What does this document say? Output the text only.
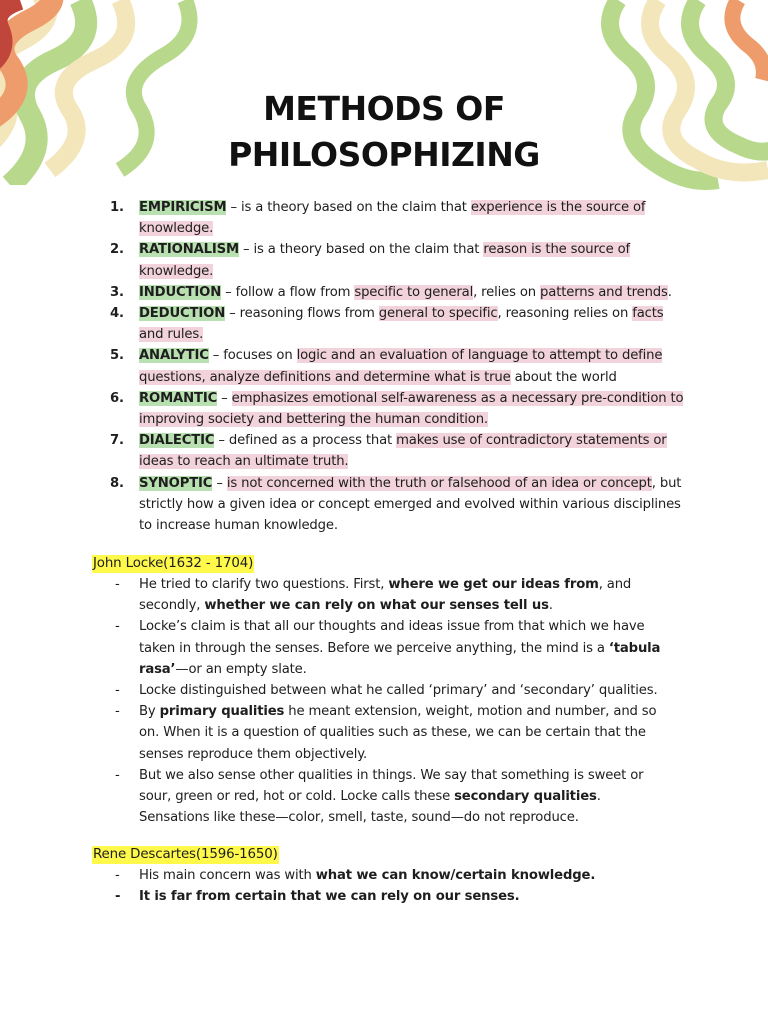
METHODS OF
PHILOSOPHIZING
1. EMPIRICISM – is a theory based on the claim that experience is the source of knowledge.
2. RATIONALISM – is a theory based on the claim that reason is the source of knowledge.
3. INDUCTION – follow a flow from specific to general, relies on patterns and trends.
4. DEDUCTION – reasoning flows from general to specific, reasoning relies on facts and rules.
5. ANALYTIC – focuses on logic and an evaluation of language to attempt to define questions, analyze definitions and determine what is true about the world
6. ROMANTIC – emphasizes emotional self-awareness as a necessary pre-condition to improving society and bettering the human condition.
7. DIALECTIC – defined as a process that makes use of contradictory statements or ideas to reach an ultimate truth.
8. SYNOPTIC – is not concerned with the truth or falsehood of an idea or concept, but strictly how a given idea or concept emerged and evolved within various disciplines to increase human knowledge.
John Locke(1632 - 1704)
- He tried to clarify two questions. First, where we get our ideas from, and secondly, whether we can rely on what our senses tell us.
- Locke’s claim is that all our thoughts and ideas issue from that which we have taken in through the senses. Before we perceive anything, the mind is a ‘tabula rasa’—or an empty slate.
- Locke distinguished between what he called ‘primary’ and ‘secondary’ qualities.
- By primary qualities he meant extension, weight, motion and number, and so on. When it is a question of qualities such as these, we can be certain that the senses reproduce them objectively.
- But we also sense other qualities in things. We say that something is sweet or sour, green or red, hot or cold. Locke calls these secondary qualities. Sensations like these—color, smell, taste, sound—do not reproduce.
Rene Descartes(1596-1650)
- His main concern was with what we can know/certain knowledge.
- It is far from certain that we can rely on our senses.
